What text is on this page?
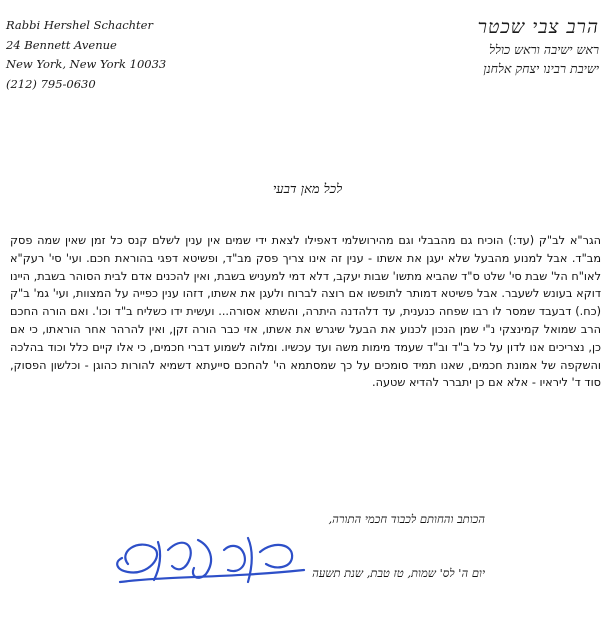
Rabbi Hershel Schachter
24 Bennett Avenue
New York, New York 10033
(212) 795-0630
הרב צבי שכטר
ראש ישיבה וראש כולל
ישיבת רבינו יצחק אלחנן
לכל מאן דבעי
הגר"א לב"ק (עד:) הוכיח גם מהבבלי וגם מהירושלמי דאפילו לצאת ידי שמים אין ענין לשלם קנס כל זמן שאין שמה פסק מב"ד. אבל למנוע מהבעל שלא יעגן את אשתו - ענין זה אינו צריך פסק מב"ד, ופשיטא דפגי בהוראת חכם. ועי' סי' רעק"א לאו"ח הל' שבת סי' שלט ס"ד שהביא מתשו' שבות יעקב, דלא דמי למעניש בשבת, ואין להכנים אדם לבית הסוהר בשבת, היינו דוקא בעונש לשעבר. אבל פשיטא דמותר לתופשו אם רוצה לברוח ולעגן את אשתו, דזהו ענין כפייה על המצוות, ועי' גמ' ב"ק (כח.) דבעבד שמסר לו רבו שפחה כנענית, עד דלהדנה היתרה, והשתא אסורה... ועשית ידו כשליח ב"ד וכו'. ואם הורה החכם הרב שמואל קמינצקי נ"י שמן הנכון לכנוע את הבעל שיגרש את אשתו, אזי כבר הורה זקן, ואין להרהר אחר הוראתו, כי אם כן, נצריכים אנו לדון על כל ב"ד וב"ד שעמד מימות משה ועד עכשיו. ומלוה לשמוע דברי חכמים, כי אלו קיים כלל וכוד בהלכה והשקפה של אמונת חכמים, שאנו תמיד סומכים על כך שמסתמא הי' להחכם סייעתא דשמיא להורות כהוגן - וכלשון הפסוק, סוד ד' ליראיו - אלא אם כן יתברר להדיא שטעה.
הכותב והחותם לכבוד חכמי התורה,
יום ה' לס' שמות, טז טבת, שנת תשעה
